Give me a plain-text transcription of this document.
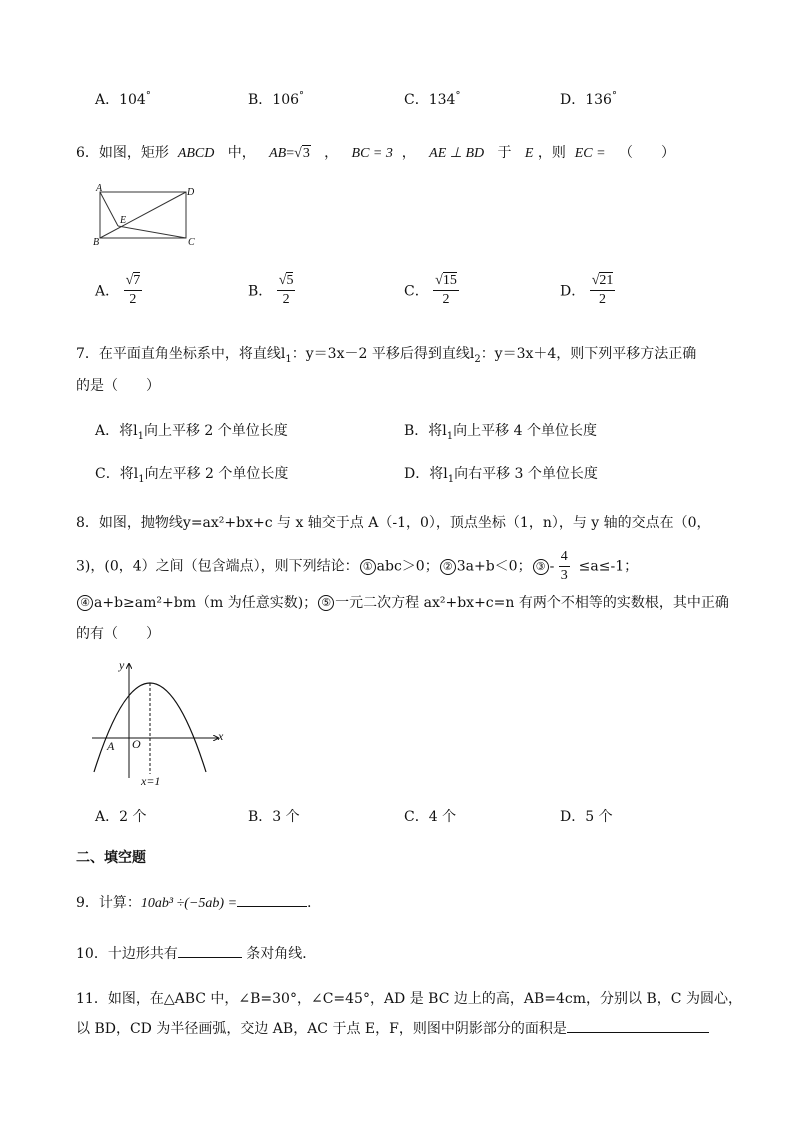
A．104°	B．106°	C．134°	D．136°
6．如图，矩形 ABCD 中， AB=√3 ， BC = 3 ， AE ⊥ BD 于 E ，则 EC = （　　）
A	D
B	C
E
A． $\frac{√7}{2}$	B． $\frac{√5}{2}$	C． $\frac{√15}{2}$	D． $\frac{√21}{2}$
7．在平面直角坐标系中，将直线$l_1$：y＝3x－2 平移后得到直线$l_2$：y＝3x＋4，则下列平移方法正确
的是（　　）
A．将$l_1$向上平移 2 个单位长度	B．将$l_1$向上平移 4 个单位长度
C．将$l_1$向左平移 2 个单位长度	D．将$l_1$向右平移 3 个单位长度
8．如图，抛物线y=ax²+bx+c 与 x 轴交于点 A（-1，0），顶点坐标（1，n），与 y 轴的交点在（0，
3)，(0，4）之间（包含端点），则下列结论： ① abc＞0； ② 3a+b＜0； ③ - $\frac{4}{3} \le a\le-1$；
④ a+b≥am²+bm（m 为任意实数)； ⑤ 一元二次方程 ax²+bx+c=n 有两个不相等的实数根，其中正确
的有（　　）
y
x
A O
x=1
A．2 个	B．3 个	C．4 个	D．5 个
二、填空题
9．计算：10ab³ ÷(−5ab) =	.
10．十边形共有	条对角线．
11．如图，在△ABC 中，∠B=30°，∠C=45°，AD 是 BC 边上的高，AB=4cm，分别以 B，C 为圆心，
以 BD，CD 为半径画弧，交边 AB，AC 于点 E，F，则图中阴影部分的面积是
